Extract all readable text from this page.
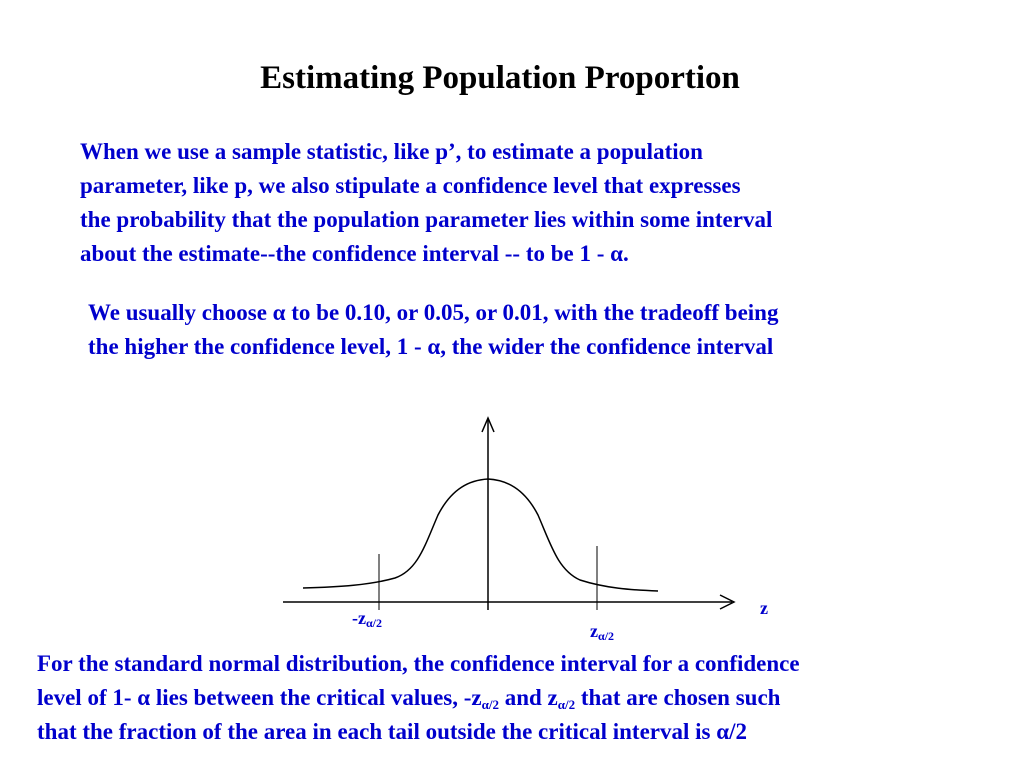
Estimating Population Proportion
When we use a sample statistic, like p’, to estimate a population
parameter, like p, we also stipulate a confidence level that expresses
the probability that the population parameter lies within some interval
about the estimate--the confidence interval -- to be 1 - α.
We usually choose α to be 0.10, or 0.05, or 0.01, with the tradeoff being
the higher the confidence level, 1 - α, the wider the confidence interval
z
$-z_{\alpha/2}$	$z_{\alpha/2}$
For the standard normal distribution, the confidence interval for a confidence
level of 1- α lies between the critical values, $-z_{\alpha/2}$ and $z_{\alpha/2}$ that are chosen such
that the fraction of the area in each tail outside the critical interval is α/2
